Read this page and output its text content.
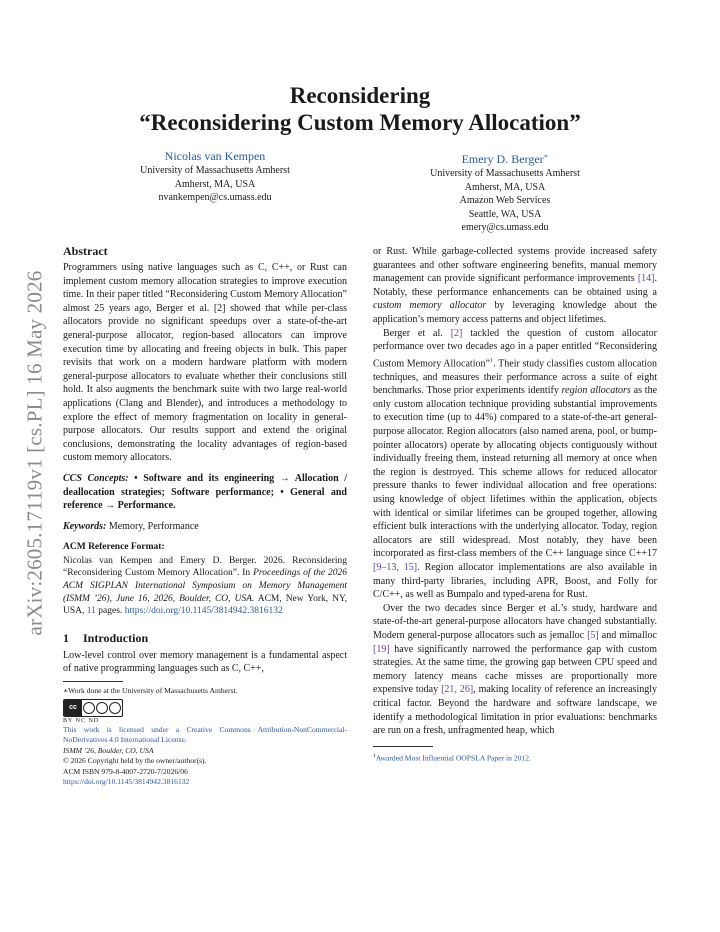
arXiv:2605.17119v1 [cs.PL] 16 May 2026
Reconsidering
“Reconsidering Custom Memory Allocation”
Nicolas van Kempen
University of Massachusetts Amherst
Amherst, MA, USA
nvankempen@cs.umass.edu
Emery D. Berger∗
University of Massachusetts Amherst
Amherst, MA, USA
Amazon Web Services
Seattle, WA, USA
emery@cs.umass.edu

Abstract

Programmers using native languages such as C, C++, or Rust can implement custom memory allocation strategies to improve execution time. In their paper titled “Reconsidering Custom Memory Allocation” almost 25 years ago, Berger et al. [2] showed that while per-class allocators provide no significant speedups over a state-of-the-art general-purpose allocator, region-based allocators can improve execution time by allocating and freeing objects in bulk. This paper revisits that work on a modern hardware platform with modern general-purpose allocators to evaluate whether their conclusions still hold. It also augments the benchmark suite with two large real-world applications (Clang and Blender), and introduces a methodology to explore the effect of memory fragmentation on locality in general-purpose allocators. Our results support and extend the original conclusions, demonstrating the locality advantages of region-based custom memory allocators.

CCS Concepts: • Software and its engineering → Allocation / deallocation strategies; Software performance; • General and reference → Performance.

Keywords: Memory, Performance

ACM Reference Format:

Nicolas van Kempen and Emery D. Berger. 2026. Reconsidering “Reconsidering Custom Memory Allocation”. In Proceedings of the 2026 ACM SIGPLAN International Symposium on Memory Management (ISMM ’26), June 16, 2026, Boulder, CO, USA. ACM, New York, NY, USA, 11 pages. https://doi.org/10.1145/3814942.3816132

1 Introduction

Low-level control over memory management is a fundamental aspect of native programming languages such as C, C++,

∗Work done at the University of Massachusetts Amherst.

cc

BY NC ND

This work is licensed under a Creative Commons Attribution-NonCommercial-NoDerivatives 4.0 International License.

ISMM ’26, Boulder, CO, USA

© 2026 Copyright held by the owner/author(s).

ACM ISBN 979-8-4007-2720-7/2026/06

https://doi.org/10.1145/3814942.3816132

or Rust. While garbage-collected systems provide increased safety guarantees and other software engineering benefits, manual memory management can provide significant performance improvements [14]. Notably, these performance enhancements can be obtained using a custom memory allocator by leveraging knowledge about the application’s memory access patterns and object lifetimes.

Berger et al. [2] tackled the question of custom allocator performance over two decades ago in a paper entitled “Reconsidering Custom Memory Allocation”$^1$. Their study classifies custom allocation techniques, and measures their performance across a suite of eight benchmarks. Those prior experiments identify region allocators as the only custom allocation technique providing substantial improvements to execution time (up to 44%) compared to a state-of-the-art general-purpose allocator. Region allocators (also named arena, pool, or bump-pointer allocators) operate by allocating objects contiguously without individually freeing them, instead returning all memory at once when the region is destroyed. This scheme allows for reduced allocator pressure thanks to fewer individual allocation and free operations: using knowledge of object lifetimes within the application, objects with identical or similar lifetimes can be grouped together, allowing efficient bulk interactions with the underlying allocator. Today, region allocators are still widespread. Most notably, they have been incorporated as first-class members of the C++ language since C++17 [9–13, 15]. Region allocator implementations are also available in many third-party libraries, including APR, Boost, and Folly for C/C++, as well as Bumpalo and typed-arena for Rust.

Over the two decades since Berger et al.’s study, hardware and state-of-the-art general-purpose allocators have changed substantially. Modern general-purpose allocators such as jemalloc [5] and mimalloc [19] have significantly narrowed the performance gap with custom strategies. At the same time, the growing gap between CPU speed and memory latency means cache misses are proportionally more expensive today [21, 26], making locality of reference an increasingly critical factor. Beyond the hardware and software landscape, we identify a methodological limitation in prior evaluations: benchmarks are run on a fresh, unfragmented heap, which

$^1$Awarded Most Influential OOPSLA Paper in 2012.
